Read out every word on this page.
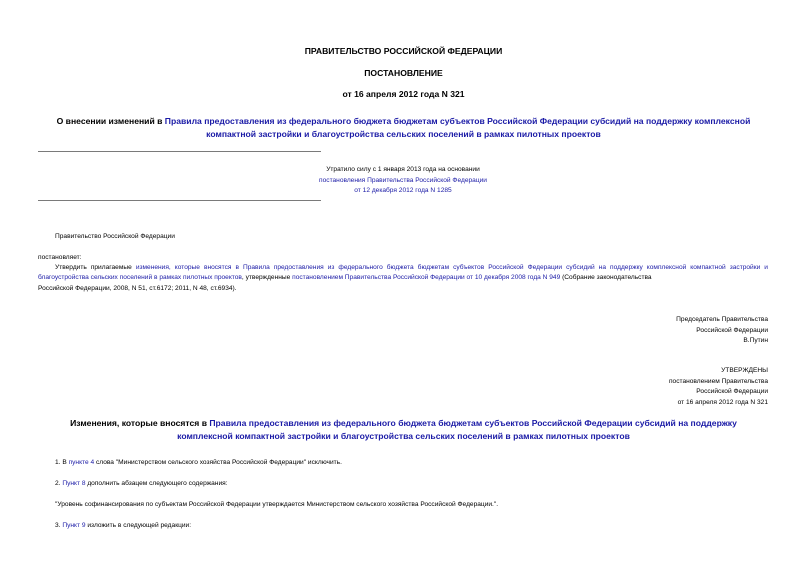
ПРАВИТЕЛЬСТВО РОССИЙСКОЙ ФЕДЕРАЦИИ
ПОСТАНОВЛЕНИЕ
от 16 апреля 2012 года N 321
О внесении изменений в Правила предоставления из федерального бюджета бюджетам субъектов Российской Федерации субсидий на поддержку комплексной
компактной застройки и благоустройства сельских поселений в рамках пилотных проектов
Утратило силу с 1 января 2013 года на основании
постановления Правительства Российской Федерации
от 12 декабря 2012 года N 1285
Правительство Российской Федерации
постановляет:
Утвердить прилагаемые изменения, которые вносятся в Правила предоставления из федерального бюджета бюджетам субъектов Российской Федерации субсидий на поддержку комплексной компактной застройки и благоустройства сельских поселений в рамках пилотных проектов, утвержденные постановлением Правительства Российской Федерации от 10 декабря 2008 года N 949 (Собрание законодательства
Российской Федерации, 2008, N 51, ст.6172; 2011, N 48, ст.6934).
Председатель Правительства
Российской Федерации
В.Путин
УТВЕРЖДЕНЫ
постановлением Правительства
Российской Федерации
от 16 апреля 2012 года N 321
Изменения, которые вносятся в Правила предоставления из федерального бюджета бюджетам субъектов Российской Федерации субсидий на поддержку
комплексной компактной застройки и благоустройства сельских поселений в рамках пилотных проектов
1. В пункте 4 слова "Министерством сельского хозяйства Российской Федерации" исключить.
2. Пункт 8 дополнить абзацем следующего содержания:
"Уровень софинансирования по субъектам Российской Федерации утверждается Министерством сельского хозяйства Российской Федерации.".
3. Пункт 9 изложить в следующей редакции:
